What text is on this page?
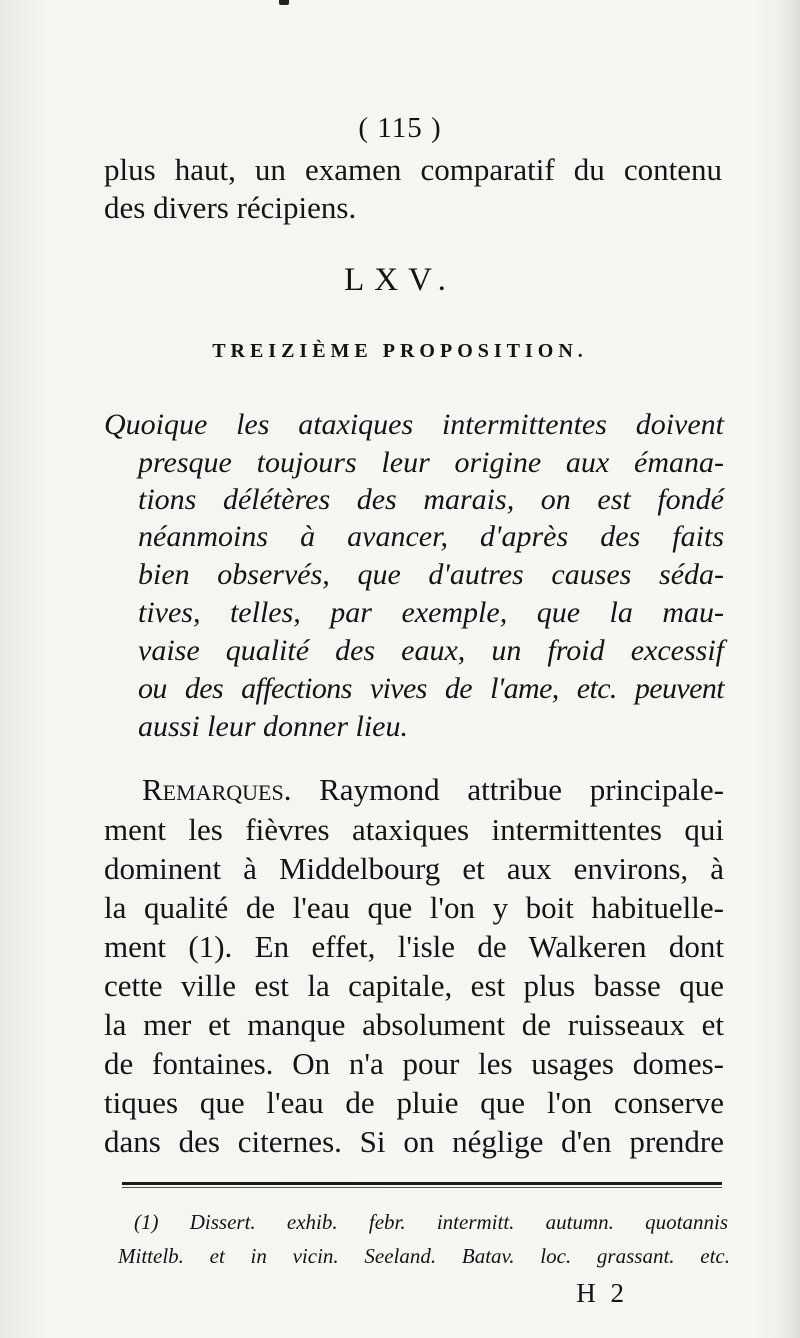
( 115 )
plus haut, un examen comparatif du contenu
des divers récipiens.
LXV.
TREIZIÈME PROPOSITION.
Quoique les ataxiques intermittentes doivent
presque toujours leur origine aux émana-
tions délétères des marais, on est fondé
néanmoins à avancer, d'après des faits
bien observés, que d'autres causes séda-
tives, telles, par exemple, que la mau-
vaise qualité des eaux, un froid excessif
ou des affections vives de l'ame, etc. peuvent
aussi leur donner lieu.
Remarques. Raymond attribue principale-
ment les fièvres ataxiques intermittentes qui
dominent à Middelbourg et aux environs, à
la qualité de l'eau que l'on y boit habituelle-
ment (1). En effet, l'isle de Walkeren dont
cette ville est la capitale, est plus basse que
la mer et manque absolument de ruisseaux et
de fontaines. On n'a pour les usages domes-
tiques que l'eau de pluie que l'on conserve
dans des citernes. Si on néglige d'en prendre
(1) Dissert. exhib. febr. intermitt. autumn. quotannis
Mittelb. et in vicin. Seeland. Batav. loc. grassant. etc.
H 2
